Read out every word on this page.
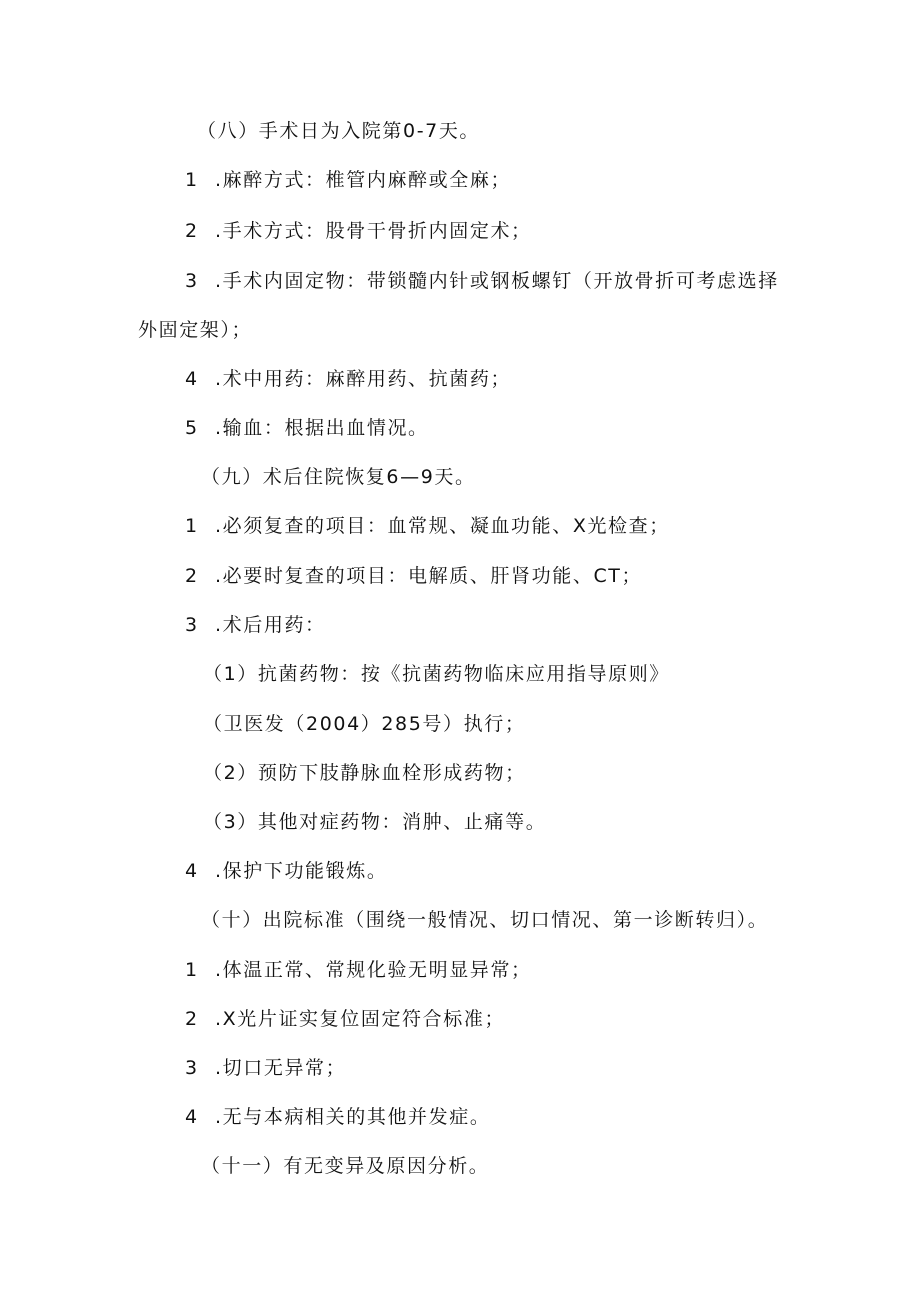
（八）手术日为入院第0-7天。
1 .麻醉方式：椎管内麻醉或全麻；
2 .手术方式：股骨干骨折内固定术；
3 .手术内固定物：带锁髓内针或钢板螺钉（开放骨折可考虑选择
外固定架）；
4 .术中用药：麻醉用药、抗菌药；
5 .输血：根据出血情况。
（九）术后住院恢复6—9天。
1 .必须复查的项目：血常规、凝血功能、X光检查；
2 .必要时复查的项目：电解质、肝肾功能、CT；
3 .术后用药：
（1）抗菌药物：按《抗菌药物临床应用指导原则》
（卫医发（2004）285号）执行；
（2）预防下肢静脉血栓形成药物；
（3）其他对症药物：消肿、止痛等。
4 .保护下功能锻炼。
（十）出院标准（围绕一般情况、切口情况、第一诊断转归）。
1 .体温正常、常规化验无明显异常；
2 .X光片证实复位固定符合标准；
3 .切口无异常；
4 .无与本病相关的其他并发症。
（十一）有无变异及原因分析。
